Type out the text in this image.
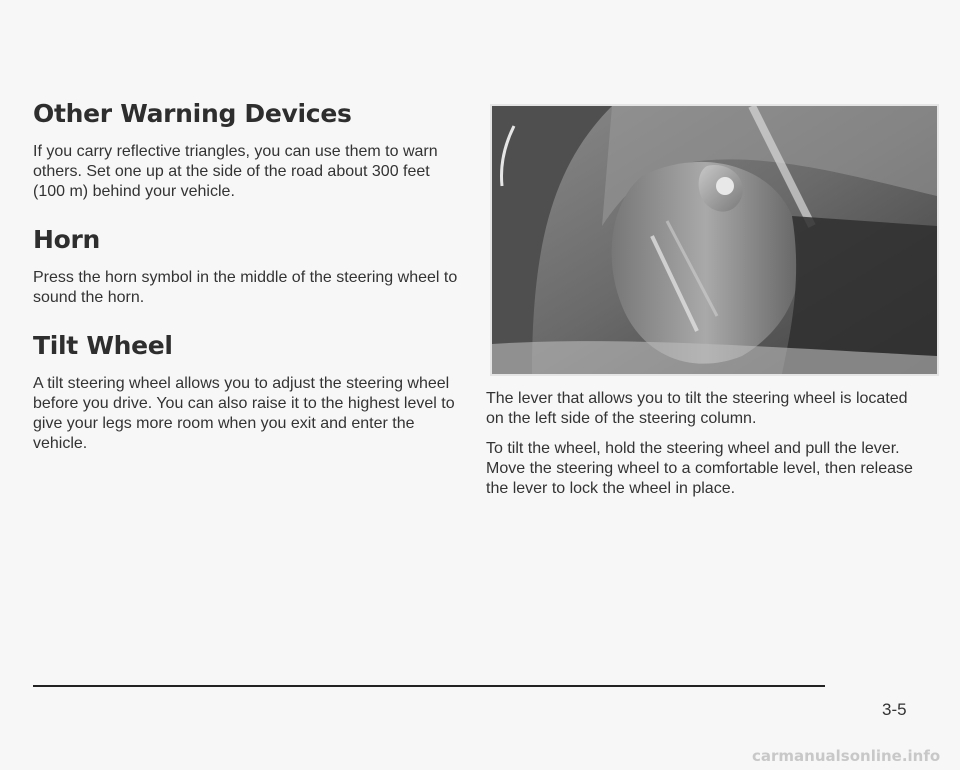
Other Warning Devices

If you carry reflective triangles, you can use them to warn others. Set one up at the side of the road about 300 feet (100 m) behind your vehicle.

Horn

Press the horn symbol in the middle of the steering wheel to sound the horn.

Tilt Wheel

A tilt steering wheel allows you to adjust the steering wheel before you drive. You can also raise it to the highest level to give your legs more room when you exit and enter the vehicle.

The lever that allows you to tilt the steering wheel is located on the left side of the steering column.

To tilt the wheel, hold the steering wheel and pull the lever. Move the steering wheel to a comfortable level, then release the lever to lock the wheel in place.

3-5
carmanualsonline.info
